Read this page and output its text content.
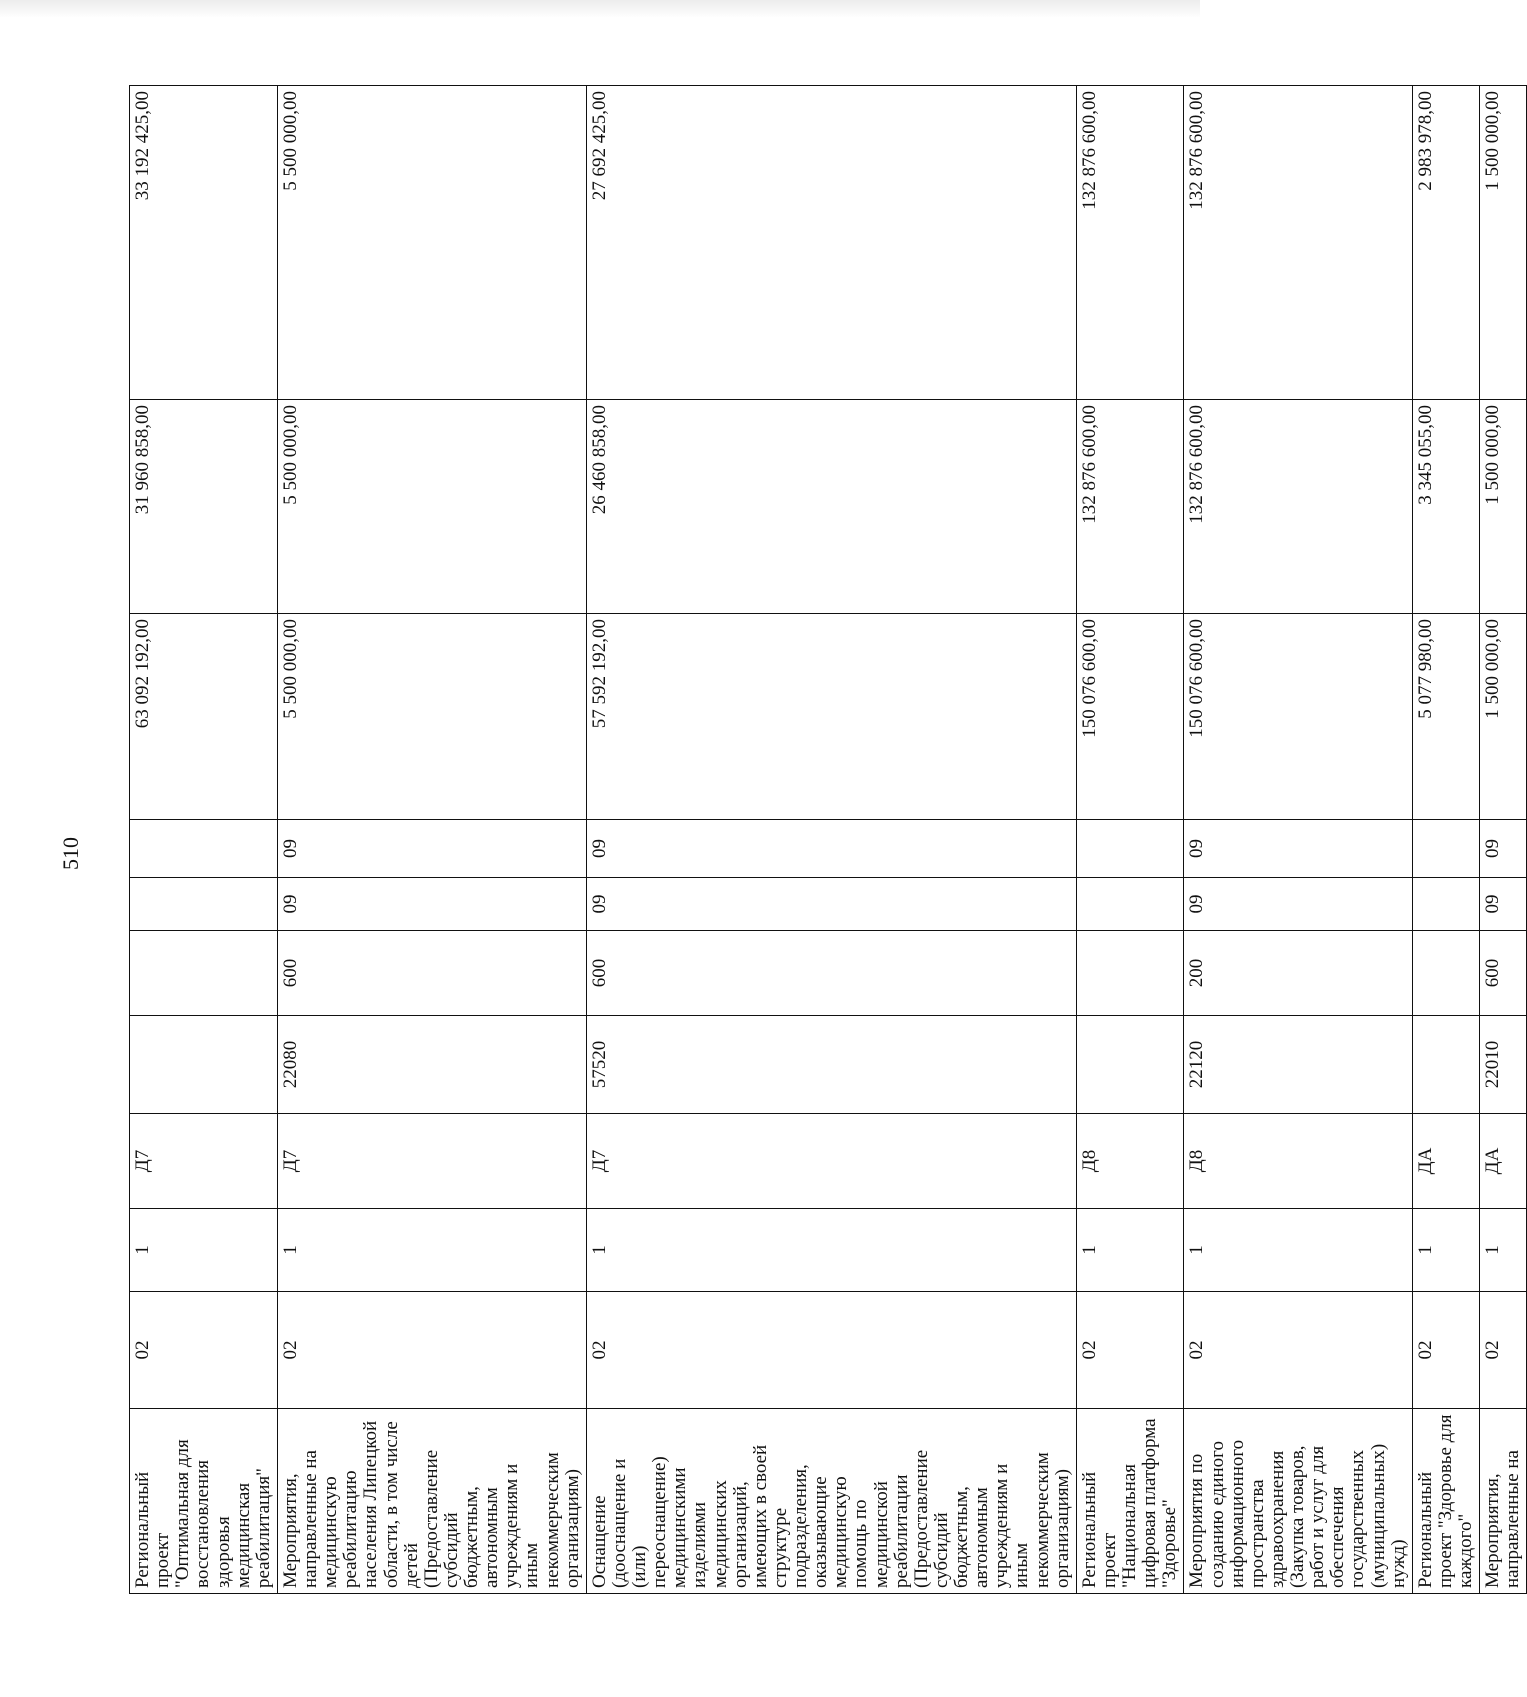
510
Региональный проект "Оптимальная для восстановления здоровья медицинская реабилитация"	02	1	Д7					63 092 192,00	31 960 858,00	33 192 425,00
Мероприятия, направленные на медицинскую реабилитацию населения Липецкой области, в том числе детей (Предоставление субсидий бюджетным, автономным учреждениям и иным некоммерческим организациям)	02	1	Д7	22080	600	09	09	5 500 000,00	5 500 000,00	5 500 000,00
Оснащение (дооснащение и (или) переоснащение) медицинскими изделиями медицинских организаций, имеющих в своей структуре подразделения, оказывающие медицинскую помощь по медицинской реабилитации (Предоставление субсидий бюджетным, автономным учреждениям и иным некоммерческим организациям)	02	1	Д7	57520	600	09	09	57 592 192,00	26 460 858,00	27 692 425,00
Региональный проект "Национальная цифровая платформа "Здоровье"	02	1	Д8					150 076 600,00	132 876 600,00	132 876 600,00
Мероприятия по созданию единого информационного пространства здравоохранения (Закупка товаров, работ и услуг для обеспечения государственных (муниципальных) нужд)	02	1	Д8	22120	200	09	09	150 076 600,00	132 876 600,00	132 876 600,00
Региональный проект "Здоровье для каждого"	02	1	ДА					5 077 980,00	3 345 055,00	2 983 978,00
Мероприятия, направленные на	02	1	ДА	22010	600	09	09	1 500 000,00	1 500 000,00	1 500 000,00
